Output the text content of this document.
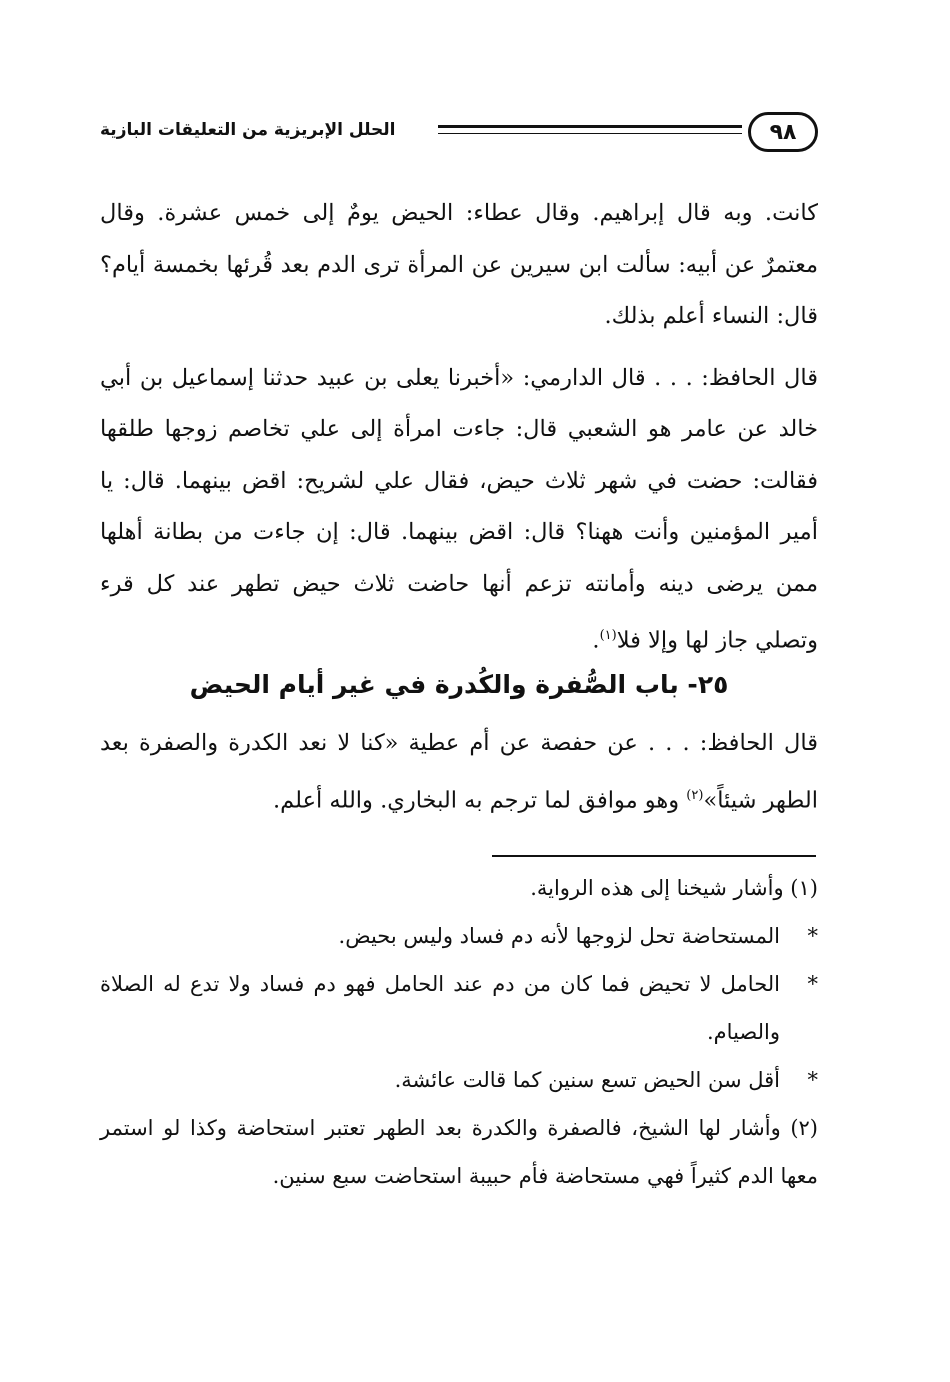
٩٨
الحلل الإبريزية من التعليقات البازية

كانت. وبه قال إبراهيم. وقال عطاء: الحيض يومٌ إلى خمس عشرة. وقال معتمرٌ عن أبيه: سألت ابن سيرين عن المرأة ترى الدم بعد قُرئها بخمسة أيام؟ قال: النساء أعلم بذلك.

قال الحافظ: . . . قال الدارمي: «أخبرنا يعلى بن عبيد حدثنا إسماعيل بن أبي خالد عن عامر هو الشعبي قال: جاءت امرأة إلى علي تخاصم زوجها طلقها فقالت: حضت في شهر ثلاث حيض، فقال علي لشريح: اقض بينهما. قال: يا أمير المؤمنين وأنت ههنا؟ قال: اقض بينهما. قال: إن جاءت من بطانة أهلها ممن يرضى دينه وأمانته تزعم أنها حاضت ثلاث حيض تطهر عند كل قرء وتصلي جاز لها وإلا فلا$^{(١)}$.

٢٥- باب الصُّفرة والكُدرة في غير أيام الحيض

قال الحافظ: . . . عن حفصة عن أم عطية «كنا لا نعد الكدرة والصفرة بعد الطهر شيئاً»$^{(٢)}$ وهو موافق لما ترجم به البخاري. والله أعلم.

(١) وأشار شيخنا إلى هذه الرواية.

*المستحاضة تحل لزوجها لأنه دم فساد وليس بحيض.

*الحامل لا تحيض فما كان من دم عند الحامل فهو دم فساد ولا تدع له الصلاة والصيام.

*أقل سن الحيض تسع سنين كما قالت عائشة.

(٢) وأشار لها الشيخ، فالصفرة والكدرة بعد الطهر تعتبر استحاضة وكذا لو استمر معها الدم كثيراً فهي مستحاضة فأم حبيبة استحاضت سبع سنين.
